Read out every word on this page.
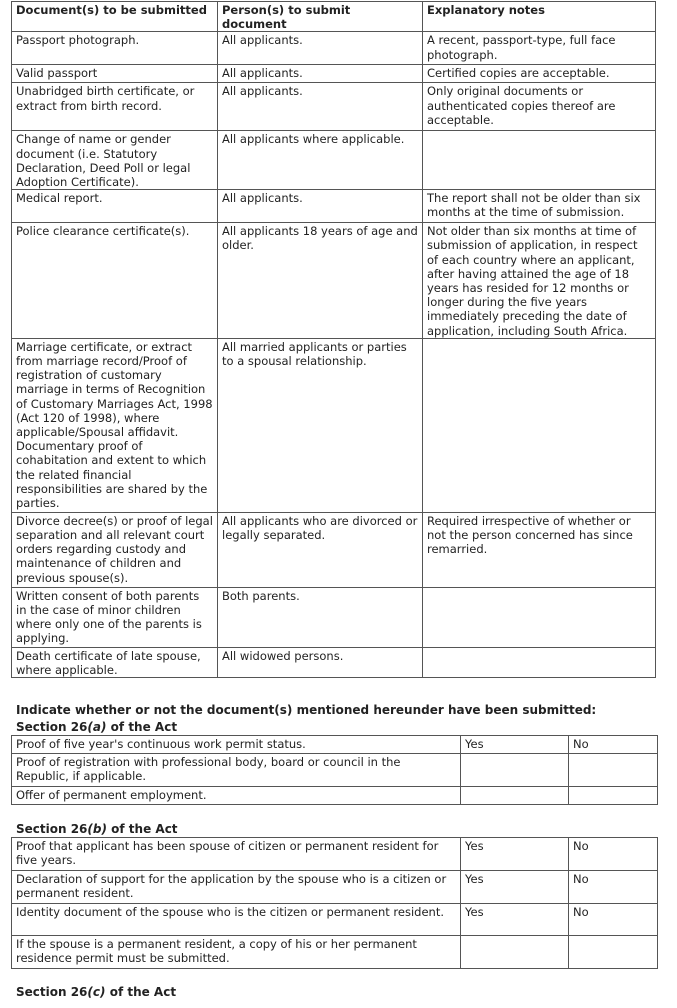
Document(s) to be submitted	Person(s) to submit document	Explanatory notes
Passport photograph.	All applicants.	A recent, passport-type, full face photograph.
Valid passport	All applicants.	Certified copies are acceptable.
Unabridged birth certificate, or extract from birth record.	All applicants.	Only original documents or authenticated copies thereof are acceptable.
Change of name or gender document (i.e. Statutory Declaration, Deed Poll or legal Adoption Certificate).	All applicants where applicable.	
Medical report.	All applicants.	The report shall not be older than six months at the time of submission.
Police clearance certificate(s).	All applicants 18 years of age and older.	Not older than six months at time of submission of application, in respect of each country where an applicant, after having attained the age of 18 years has resided for 12 months or longer during the five years immediately preceding the date of application, including South Africa.
Marriage certificate, or extract from marriage record/Proof of registration of customary marriage in terms of Recognition of Customary Marriages Act, 1998 (Act 120 of 1998), where applicable/Spousal affidavit. Documentary proof of cohabitation and extent to which the related financial responsibilities are shared by the parties.	All married applicants or parties to a spousal relationship.	
Divorce decree(s) or proof of legal separation and all relevant court orders regarding custody and maintenance of children and previous spouse(s).	All applicants who are divorced or legally separated.	Required irrespective of whether or not the person concerned has since remarried.
Written consent of both parents in the case of minor children where only one of the parents is applying.	Both parents.	
Death certificate of late spouse, where applicable.	All widowed persons.	
Indicate whether or not the document(s) mentioned hereunder have been submitted:
Section 26(a) of the Act
Proof of five year's continuous work permit status.	Yes	No
Proof of registration with professional body, board or council in the Republic, if applicable.		
Offer of permanent employment.		
Section 26(b) of the Act
Proof that applicant has been spouse of citizen or permanent resident for five years.	Yes	No
Declaration of support for the application by the spouse who is a citizen or permanent resident.	Yes	No
Identity document of the spouse who is the citizen or permanent resident.	Yes	No
If the spouse is a permanent resident, a copy of his or her permanent residence permit must be submitted.		
Section 26(c) of the Act
